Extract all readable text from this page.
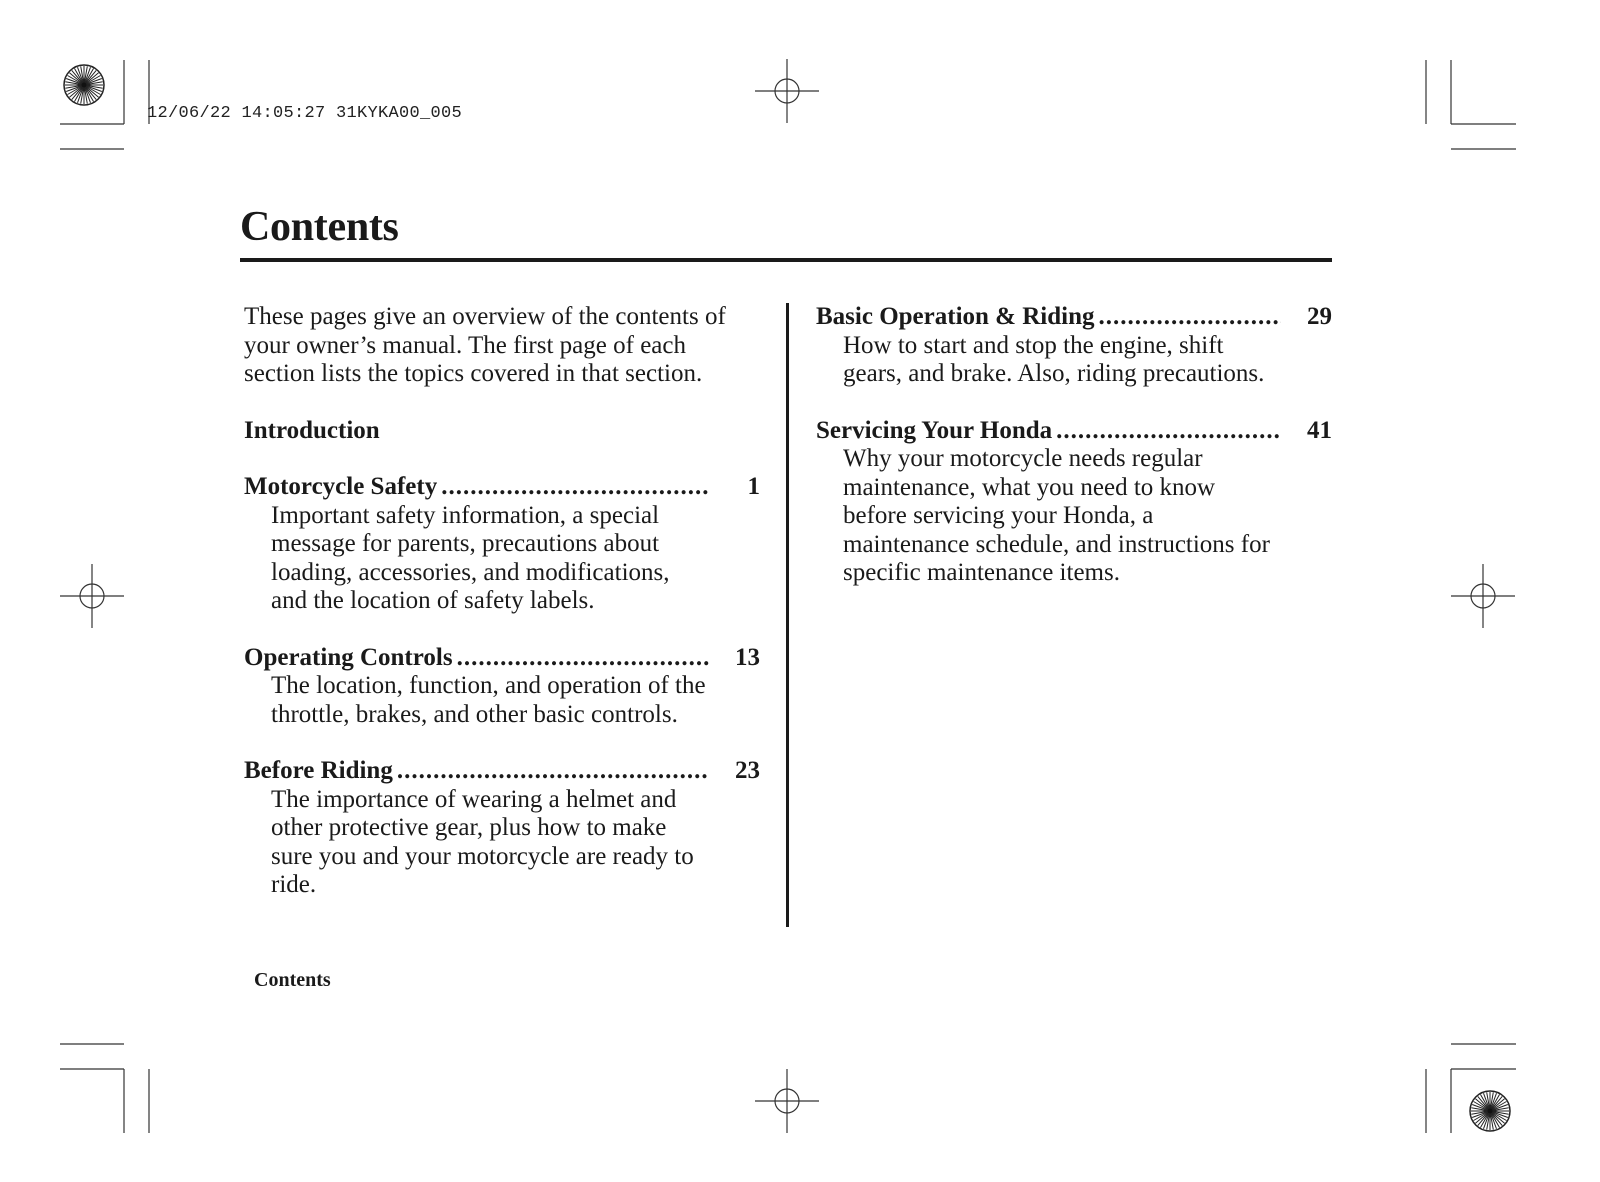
12/06/22 14:05:27 31KYKA00_005
Contents

These pages give an overview of the contents of your owner’s manual. The first page of each section lists the topics covered in that section.

Introduction
Motorcycle Safety .....	1

Important safety information, a special message for parents, precautions about loading, accessories, and modifications, and the location of safety labels.

Operating Controls .....	13

The location, function, and operation of the throttle, brakes, and other basic controls.

Before Riding .....	23

The importance of wearing a helmet and other protective gear, plus how to make sure you and your motorcycle are ready to ride.

Basic Operation & Riding .....	29

How to start and stop the engine, shift gears, and brake. Also, riding precautions.

Servicing Your Honda .....	41

Why your motorcycle needs regular maintenance, what you need to know before servicing your Honda, a maintenance schedule, and instructions for specific maintenance items.

Contents
